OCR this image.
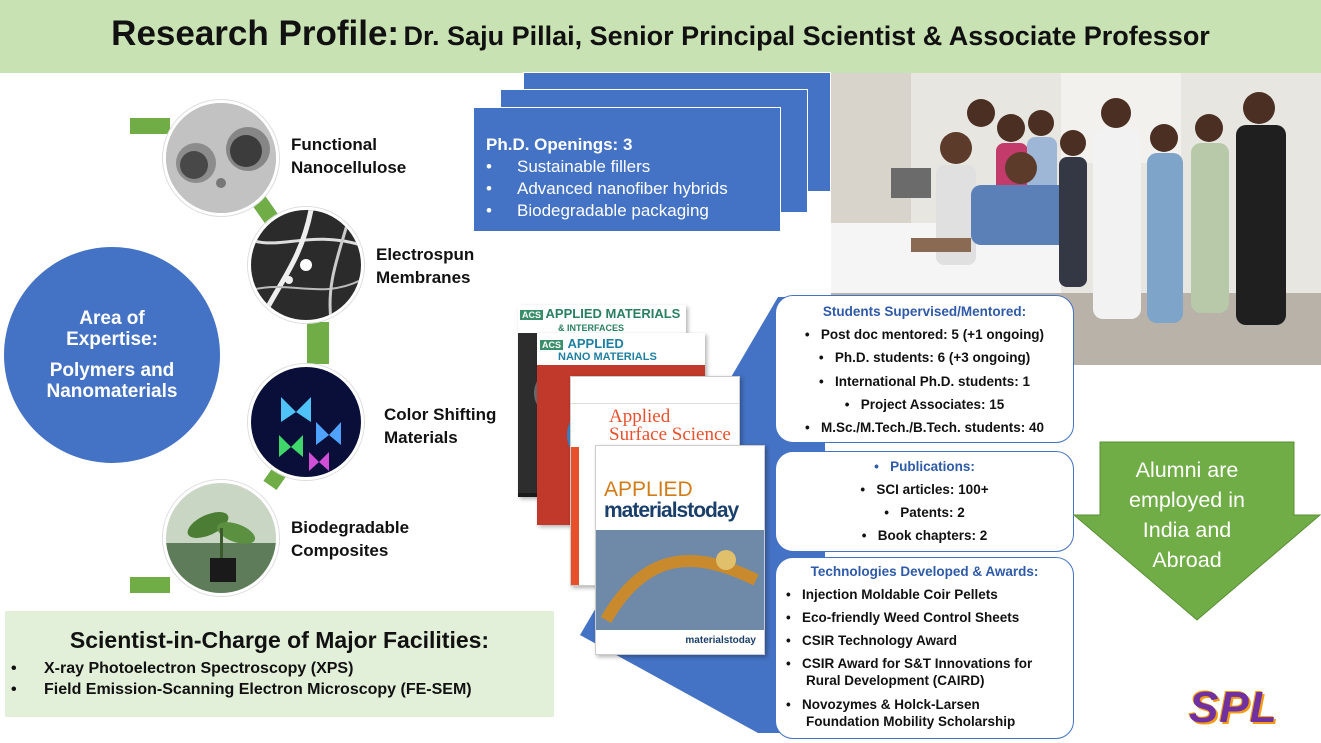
Research Profile: Dr. Saju Pillai, Senior Principal Scientist & Associate Professor
Area of
Expertise:
Polymers and
Nanomaterials
Functional
Nanocellulose
Electrospun
Membranes
Color Shifting
Materials
Biodegradable
Composites
Ph.D. Openings: 3
• Sustainable fillers
• Advanced nanofiber hybrids
• Biodegradable packaging
ACS APPLIED MATERIALS
& INTERFACES
ACS APPLIED
NANO MATERIALS
Applied
Surface Science
APPLIED
materialstoday
materialstoday
Students Supervised/Mentored:
• Post doc mentored: 5 (+1 ongoing)
• Ph.D. students: 6 (+3 ongoing)
• International Ph.D. students: 1
• Project Associates: 15
• M.Sc./M.Tech./B.Tech. students: 40
• Publications:
• SCI articles: 100+
• Patents: 2
• Book chapters: 2
Technologies Developed & Awards:
• Injection Moldable Coir Pellets
• Eco-friendly Weed Control Sheets
• CSIR Technology Award
• CSIR Award for S&T Innovations for
Rural Development (CAIRD)
• Novozymes & Holck-Larsen
Foundation Mobility Scholarship
Alumni are
employed in
India and
Abroad
Scientist-in-Charge of Major Facilities:
• X-ray Photoelectron Spectroscopy (XPS)
• Field Emission-Scanning Electron Microscopy (FE-SEM)	SPL
